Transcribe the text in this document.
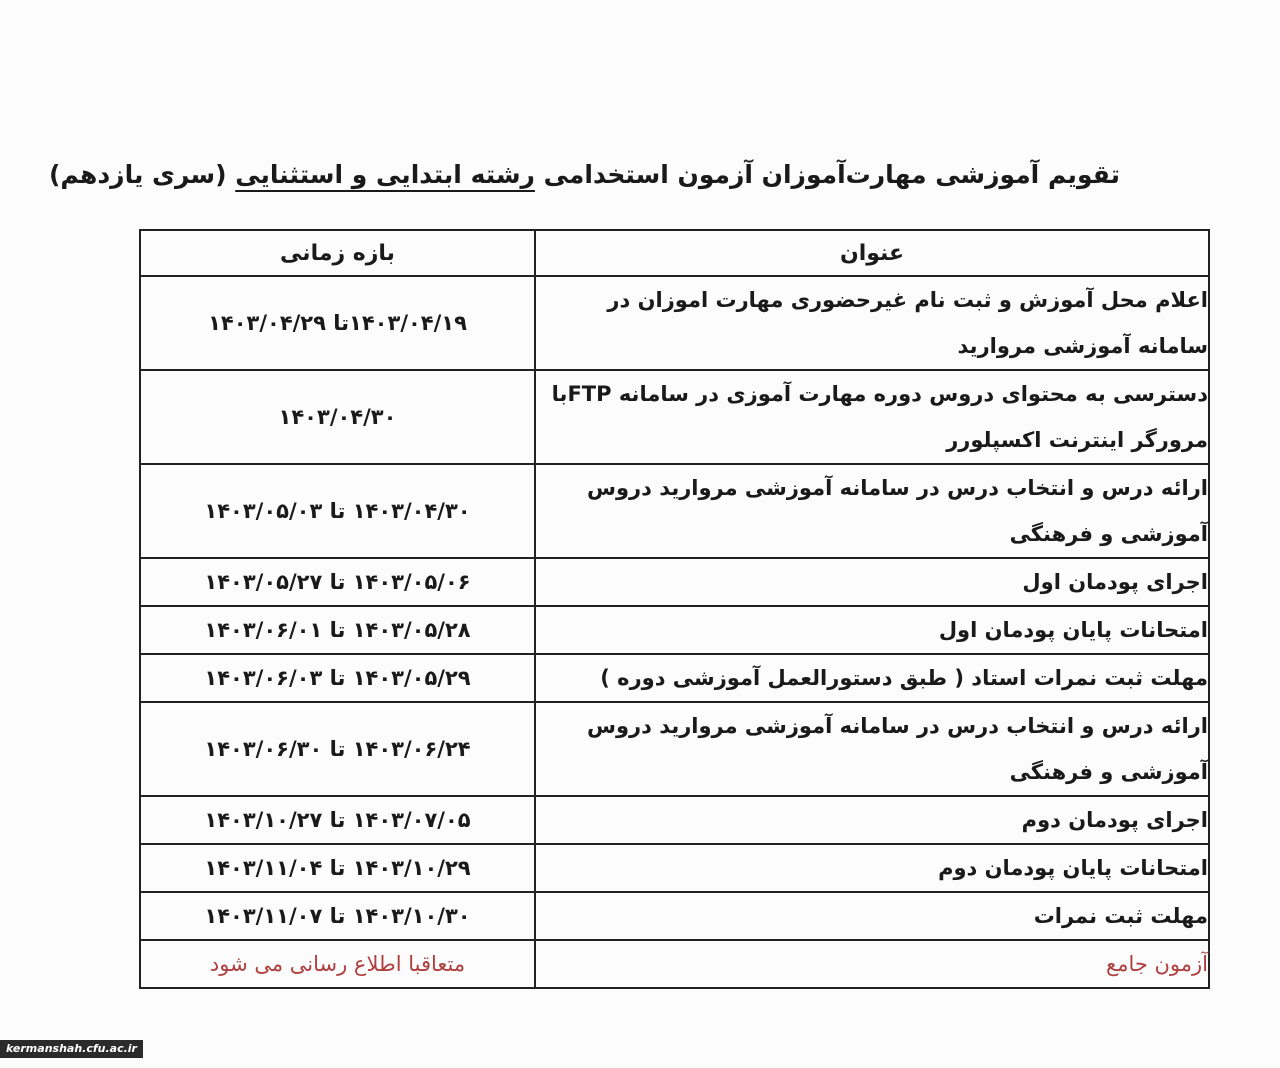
تقویم آموزشی مهارت‌آموزان آزمون استخدامی رشته ابتدایی و استثنایی (سری یازدهم)
عنوان	بازه زمانی
اعلام محل آموزش و ثبت نام غیرحضوری مهارت اموزان در سامانه آموزشی مروارید	۱۴۰۳/۰۴/۱۹تا ۱۴۰۳/۰۴/۲۹
دسترسی به محتوای دروس دوره مهارت آموزی در سامانه FTPبا مرورگر اینترنت اکسپلورر	۱۴۰۳/۰۴/۳۰
ارائه درس و انتخاب درس در سامانه آموزشی مروارید دروس آموزشی و فرهنگی	۱۴۰۳/۰۴/۳۰ تا ۱۴۰۳/۰۵/۰۳
اجرای پودمان اول	۱۴۰۳/۰۵/۰۶ تا ۱۴۰۳/۰۵/۲۷
امتحانات پایان پودمان اول	۱۴۰۳/۰۵/۲۸ تا ۱۴۰۳/۰۶/۰۱
مهلت ثبت نمرات استاد ( طبق دستورالعمل آموزشی دوره )	۱۴۰۳/۰۵/۲۹ تا ۱۴۰۳/۰۶/۰۳
ارائه درس و انتخاب درس در سامانه آموزشی مروارید دروس آموزشی و فرهنگی	۱۴۰۳/۰۶/۲۴ تا ۱۴۰۳/۰۶/۳۰
اجرای پودمان دوم	۱۴۰۳/۰۷/۰۵ تا ۱۴۰۳/۱۰/۲۷
امتحانات پایان پودمان دوم	۱۴۰۳/۱۰/۲۹ تا ۱۴۰۳/۱۱/۰۴
مهلت ثبت نمرات	۱۴۰۳/۱۰/۳۰ تا ۱۴۰۳/۱۱/۰۷
آزمون جامع	متعاقبا اطلاع رسانی می شود
kermanshah.cfu.ac.ir
